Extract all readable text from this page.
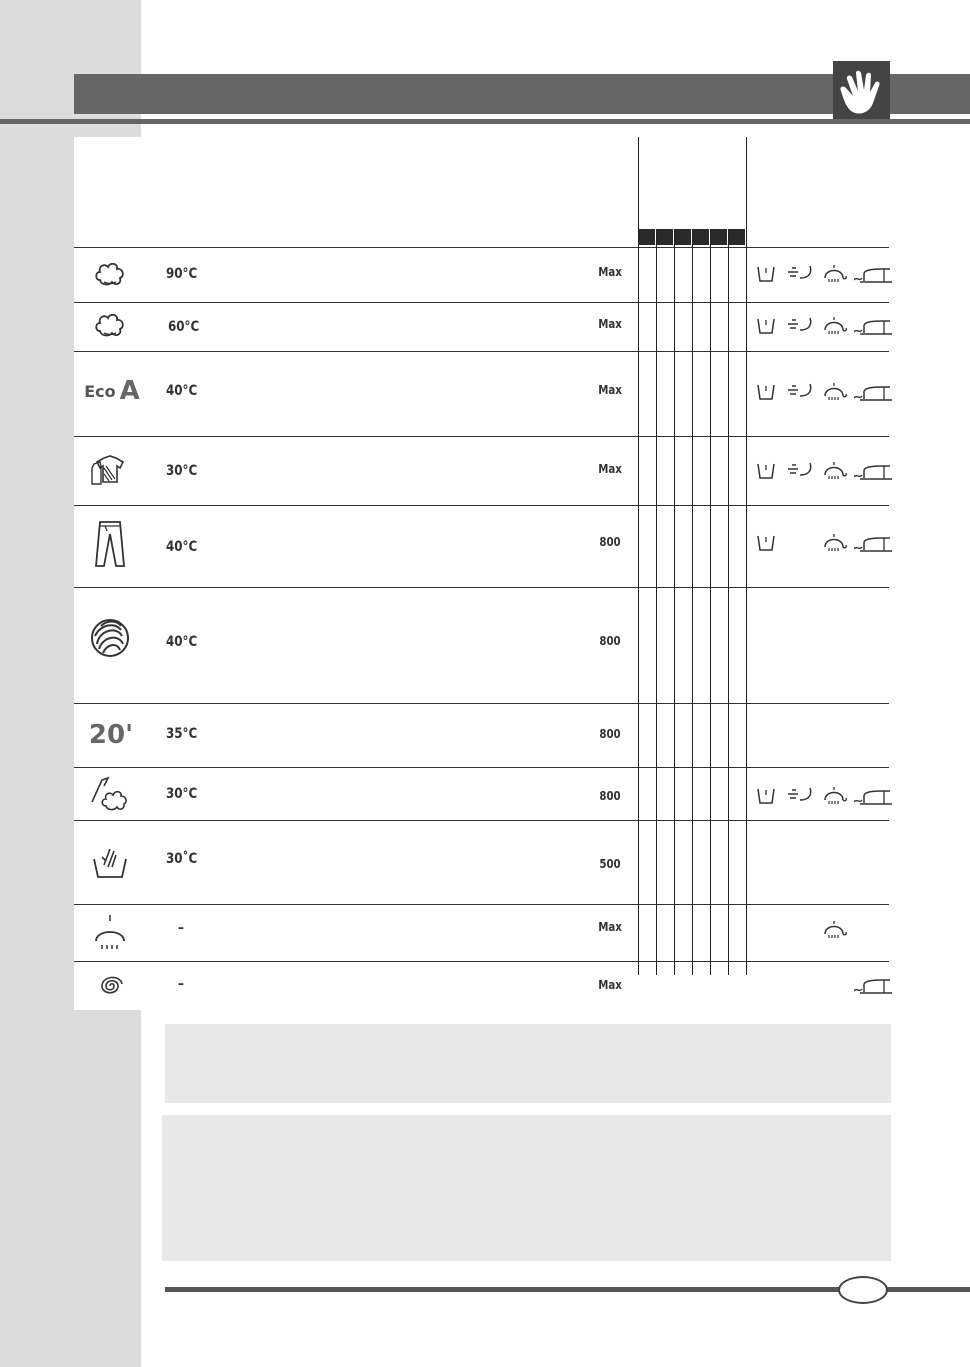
90°C	Max
60°C	Max
Eco A 40°C	Max
30°C	Max
40°C	800
40°C	800
20' 35°C	800
30°C	800
30˚C	500
–	Max
–	Max
